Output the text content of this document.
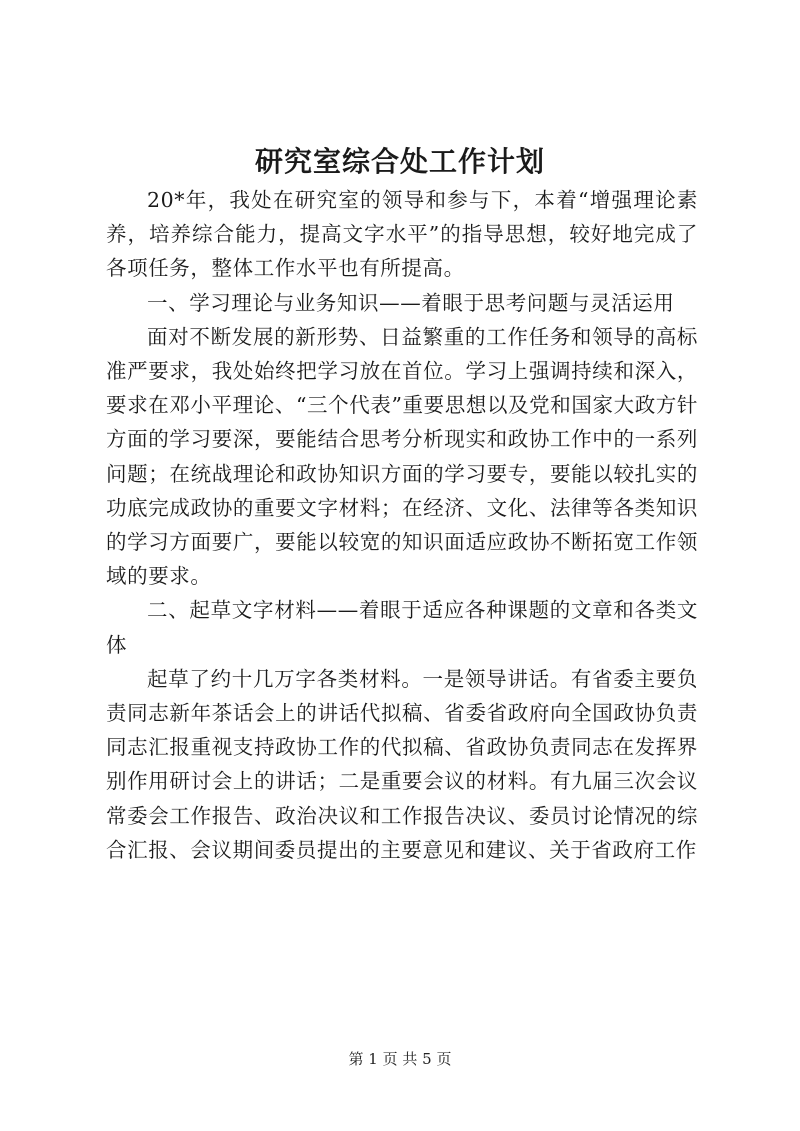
研究室综合处工作计划

20*年，我处在研究室的领导和参与下，本着“增强理论素养，培养综合能力，提高文字水平”的指导思想，较好地完成了各项任务，整体工作水平也有所提高。

一、学习理论与业务知识——着眼于思考问题与灵活运用

面对不断发展的新形势、日益繁重的工作任务和领导的高标准严要求，我处始终把学习放在首位。学习上强调持续和深入，要求在邓小平理论、“三个代表”重要思想以及党和国家大政方针方面的学习要深，要能结合思考分析现实和政协工作中的一系列问题；在统战理论和政协知识方面的学习要专，要能以较扎实的功底完成政协的重要文字材料；在经济、文化、法律等各类知识的学习方面要广，要能以较宽的知识面适应政协不断拓宽工作领域的要求。

二、起草文字材料——着眼于适应各种课题的文章和各类文体

起草了约十几万字各类材料。一是领导讲话。有省委主要负责同志新年茶话会上的讲话代拟稿、省委省政府向全国政协负责同志汇报重视支持政协工作的代拟稿、省政协负责同志在发挥界别作用研讨会上的讲话；二是重要会议的材料。有九届三次会议常委会工作报告、政治决议和工作报告决议、委员讨论情况的综合汇报、会议期间委员提出的主要意见和建议、关于省政府工作

第 1 页 共 5 页
